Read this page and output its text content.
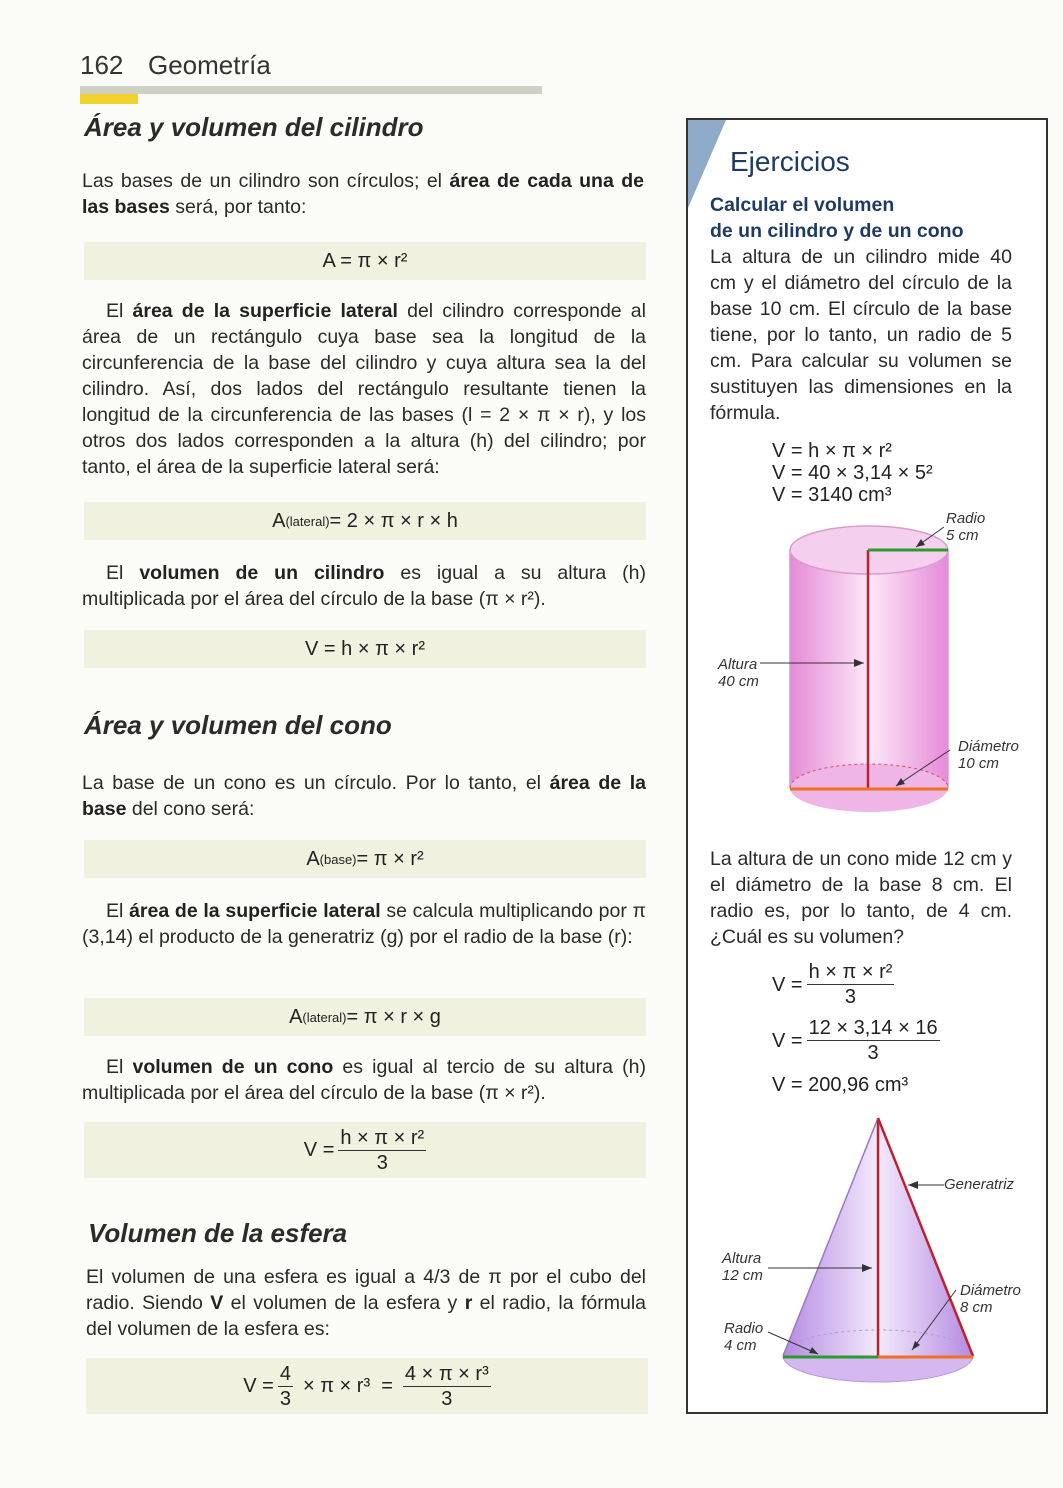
162 Geometría
Área y volumen del cilindro

Las bases de un cilindro son círculos; el área de cada una de las bases será, por tanto:

A = π × r²

El área de la superficie lateral del cilindro corresponde al área de un rectángulo cuya base sea la longitud de la circunferencia de la base del cilindro y cuya altura sea la del cilindro. Así, dos lados del rectángulo resultante tienen la longitud de la circunferencia de las bases (l = 2 × π × r), y los otros dos lados corresponden a la altura (h) del cilindro; por tanto, el área de la superficie lateral será:

A (lateral) = 2 × π × r × h

El volumen de un cilindro es igual a su altura (h) multiplicada por el área del círculo de la base (π × r²).

V = h × π × r²
Área y volumen del cono

La base de un cono es un círculo. Por lo tanto, el área de la base del cono será:

A (base) = π × r²

El área de la superficie lateral se calcula multiplicando por π (3,14) el producto de la generatriz (g) por el radio de la base (r):

A (lateral) = π × r × g

El volumen de un cono es igual al tercio de su altura (h) multiplicada por el área del círculo de la base (π × r²).

$V = \frac{\text{h × π × r²}}{3}$
Volumen de la esfera

El volumen de una esfera es igual a 4/3 de π por el cubo del radio. Siendo V el volumen de la esfera y r el radio, la fórmula del volumen de la esfera es:

$V = \frac{4}{3} \times \pi \times r^3 = \frac{\text{4 × π × r³}}{3}$
Ejercicios
Calcular el volumen
de un cilindro y de un cono

La altura de un cilindro mide 40 cm y el diámetro del círculo de la base 10 cm. El círculo de la base tiene, por lo tanto, un radio de 5 cm. Para calcular su volumen se sustituyen las dimensiones en la fórmula.

V = h × π × r²
V = 40 × 3,14 × 5²
V = 3140 cm³
Radio
5 cm
Altura
40 cm
Diámetro
10 cm

La altura de un cono mide 12 cm y el diámetro de la base 8 cm. El radio es, por lo tanto, de 4 cm. ¿Cuál es su volumen?

$V = \frac{\text{h × π × r²}}{3}$
$V = \frac{12 \times 3,14 \times 16}{3}$
V = 200,96 cm³
Generatriz
Altura
12 cm
Diámetro
8 cm
Radio
4 cm
